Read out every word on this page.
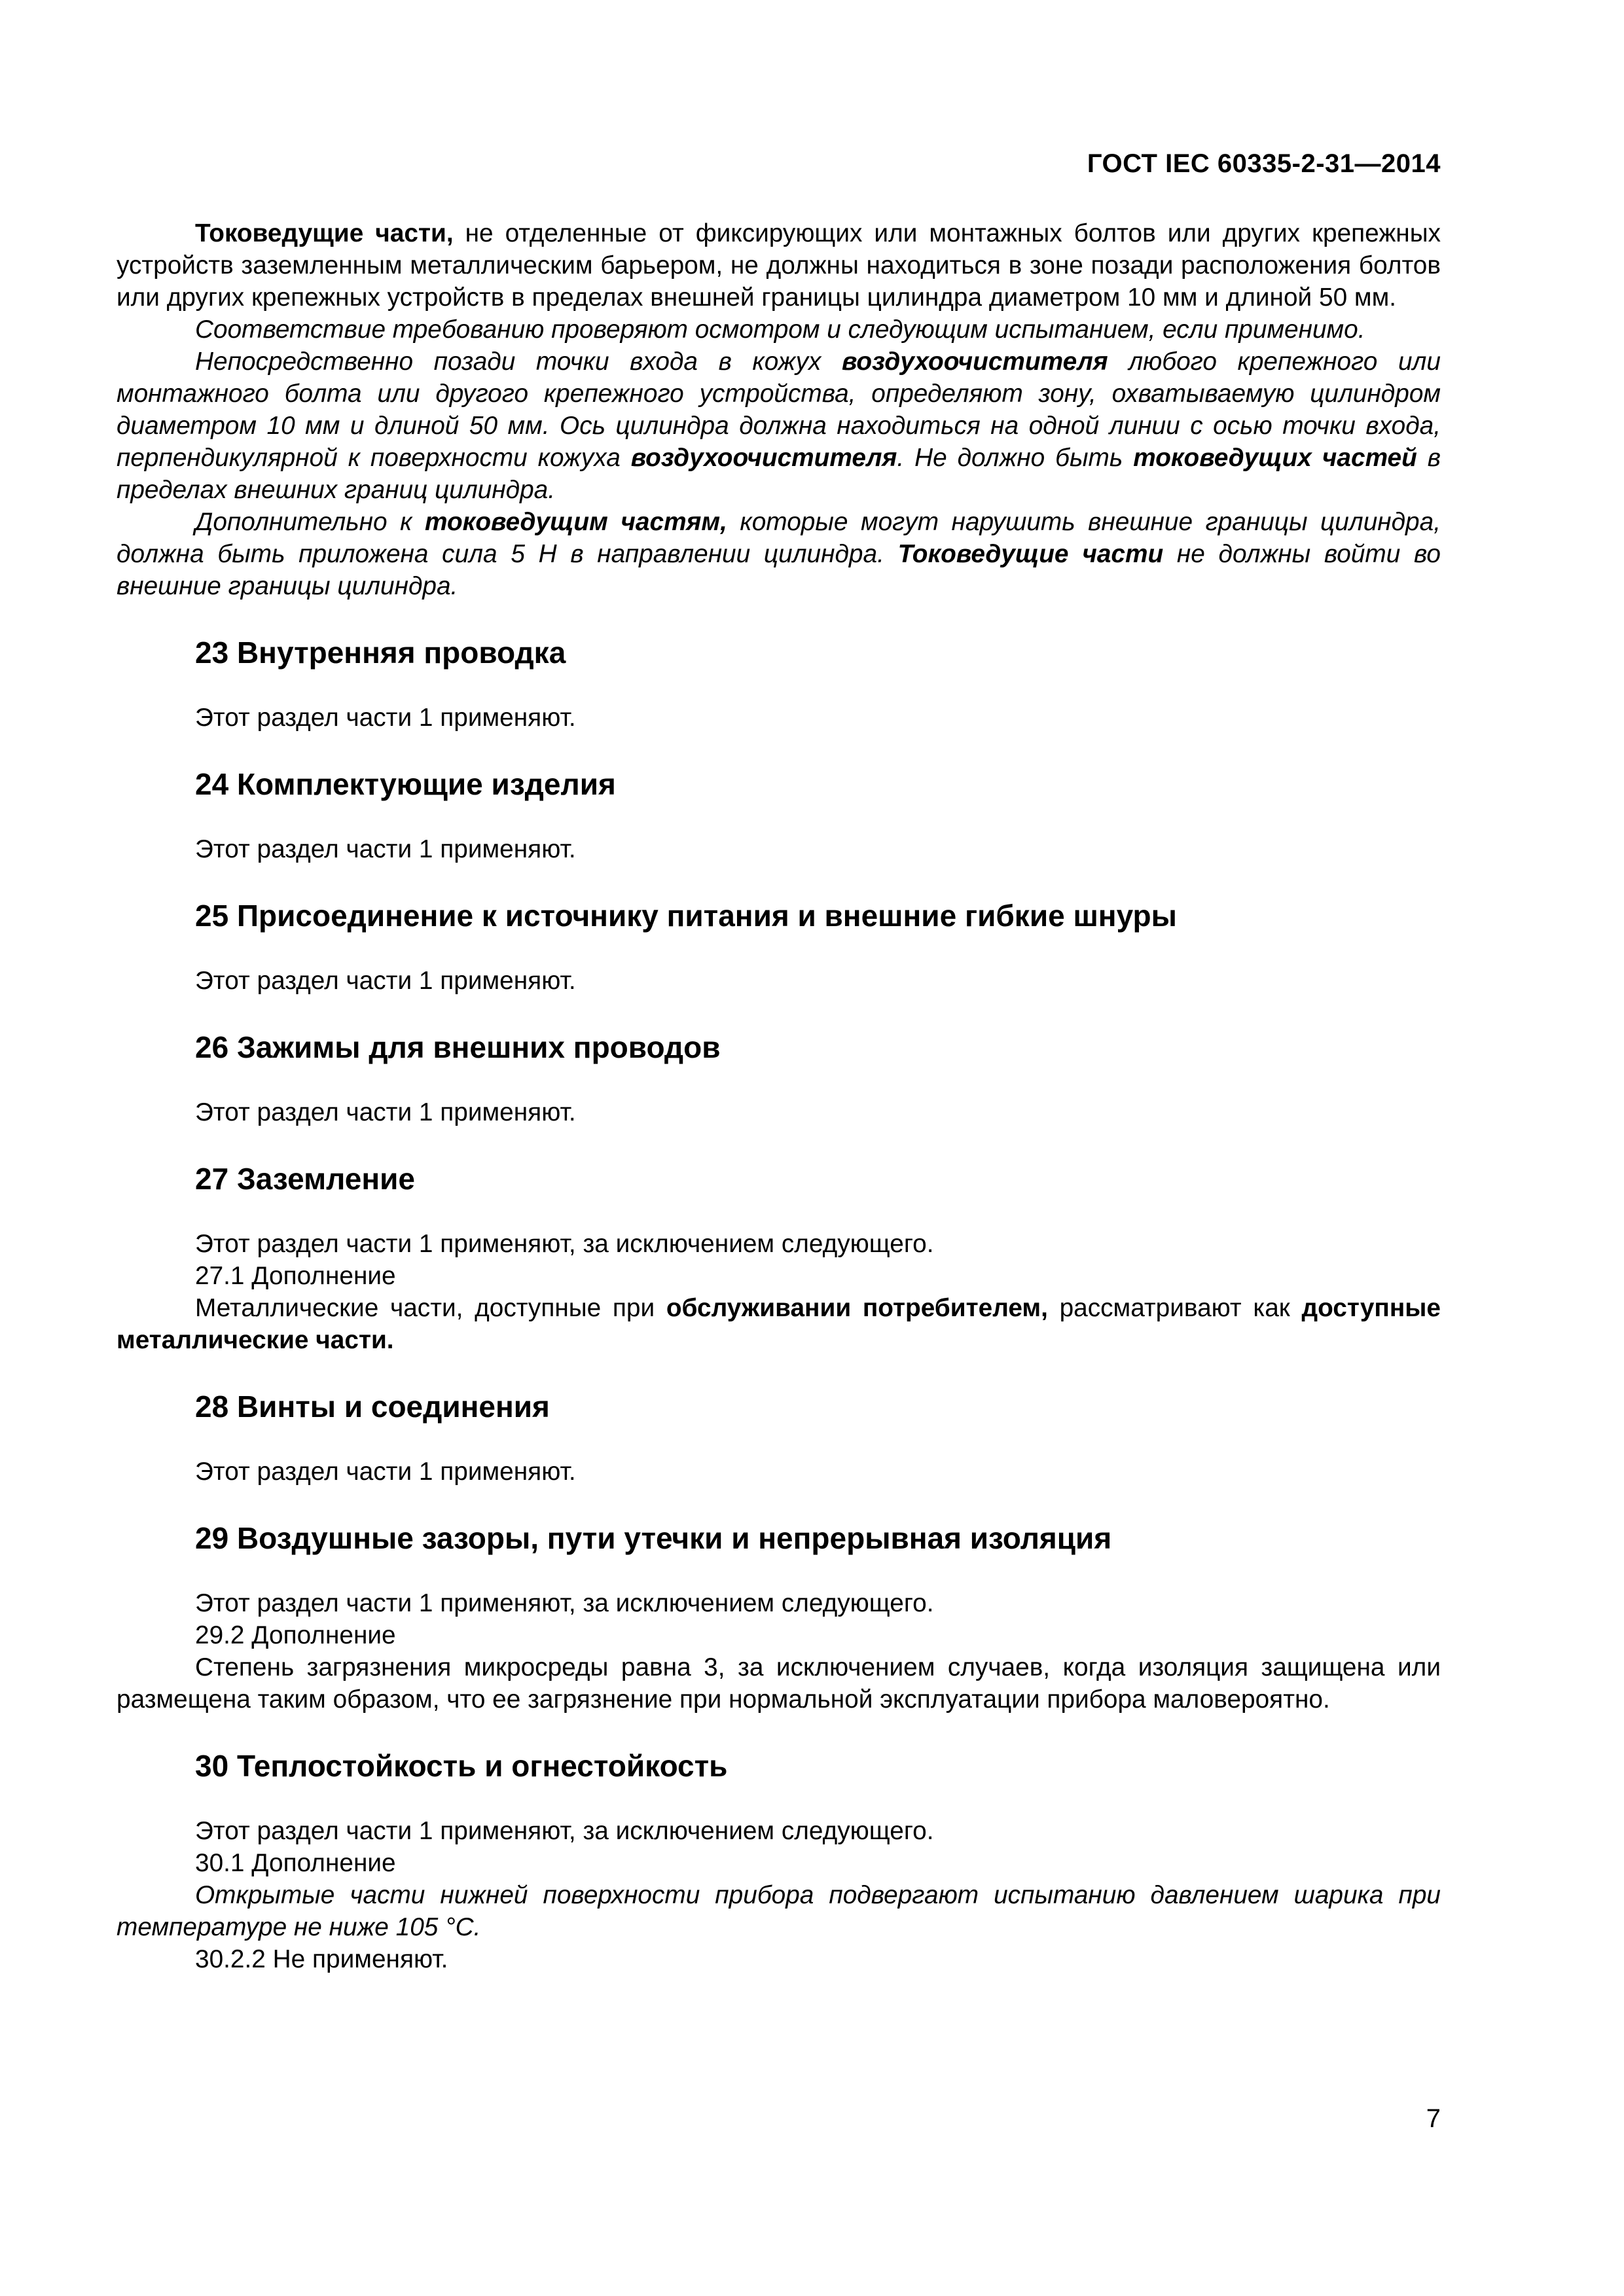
ГОСТ IEC 60335-2-31—2014

Токоведущие части, не отделенные от фиксирующих или монтажных болтов или других крепежных устройств заземленным металлическим барьером, не должны находиться в зоне позади расположения болтов или других крепежных устройств в пределах внешней границы цилиндра диаметром 10 мм и длиной 50 мм.

Соответствие требованию проверяют осмотром и следующим испытанием, если применимо.

Непосредственно позади точки входа в кожух воздухоочистителя любого крепежного или монтажного болта или другого крепежного устройства, определяют зону, охватываемую цилиндром диаметром 10 мм и длиной 50 мм. Ось цилиндра должна находиться на одной линии с осью точки входа, перпендикулярной к поверхности кожуха воздухоочистителя. Не должно быть токоведущих частей в пределах внешних границ цилиндра.

Дополнительно к токоведущим частям, которые могут нарушить внешние границы цилиндра, должна быть приложена сила 5 Н в направлении цилиндра. Токоведущие части не должны войти во внешние границы цилиндра.

23 Внутренняя проводка

Этот раздел части 1 применяют.

24 Комплектующие изделия

Этот раздел части 1 применяют.

25 Присоединение к источнику питания и внешние гибкие шнуры

Этот раздел части 1 применяют.

26 Зажимы для внешних проводов

Этот раздел части 1 применяют.

27 Заземление

Этот раздел части 1 применяют, за исключением следующего.

27.1 Дополнение

Металлические части, доступные при обслуживании потребителем, рассматривают как доступные металлические части.

28 Винты и соединения

Этот раздел части 1 применяют.

29 Воздушные зазоры, пути утечки и непрерывная изоляция

Этот раздел части 1 применяют, за исключением следующего.

29.2 Дополнение

Степень загрязнения микросреды равна 3, за исключением случаев, когда изоляция защищена или размещена таким образом, что ее загрязнение при нормальной эксплуатации прибора маловероятно.

30 Теплостойкость и огнестойкость

Этот раздел части 1 применяют, за исключением следующего.

30.1 Дополнение

Открытые части нижней поверхности прибора подвергают испытанию давлением шарика при температуре не ниже 105 °С.

30.2.2 Не применяют.

7
